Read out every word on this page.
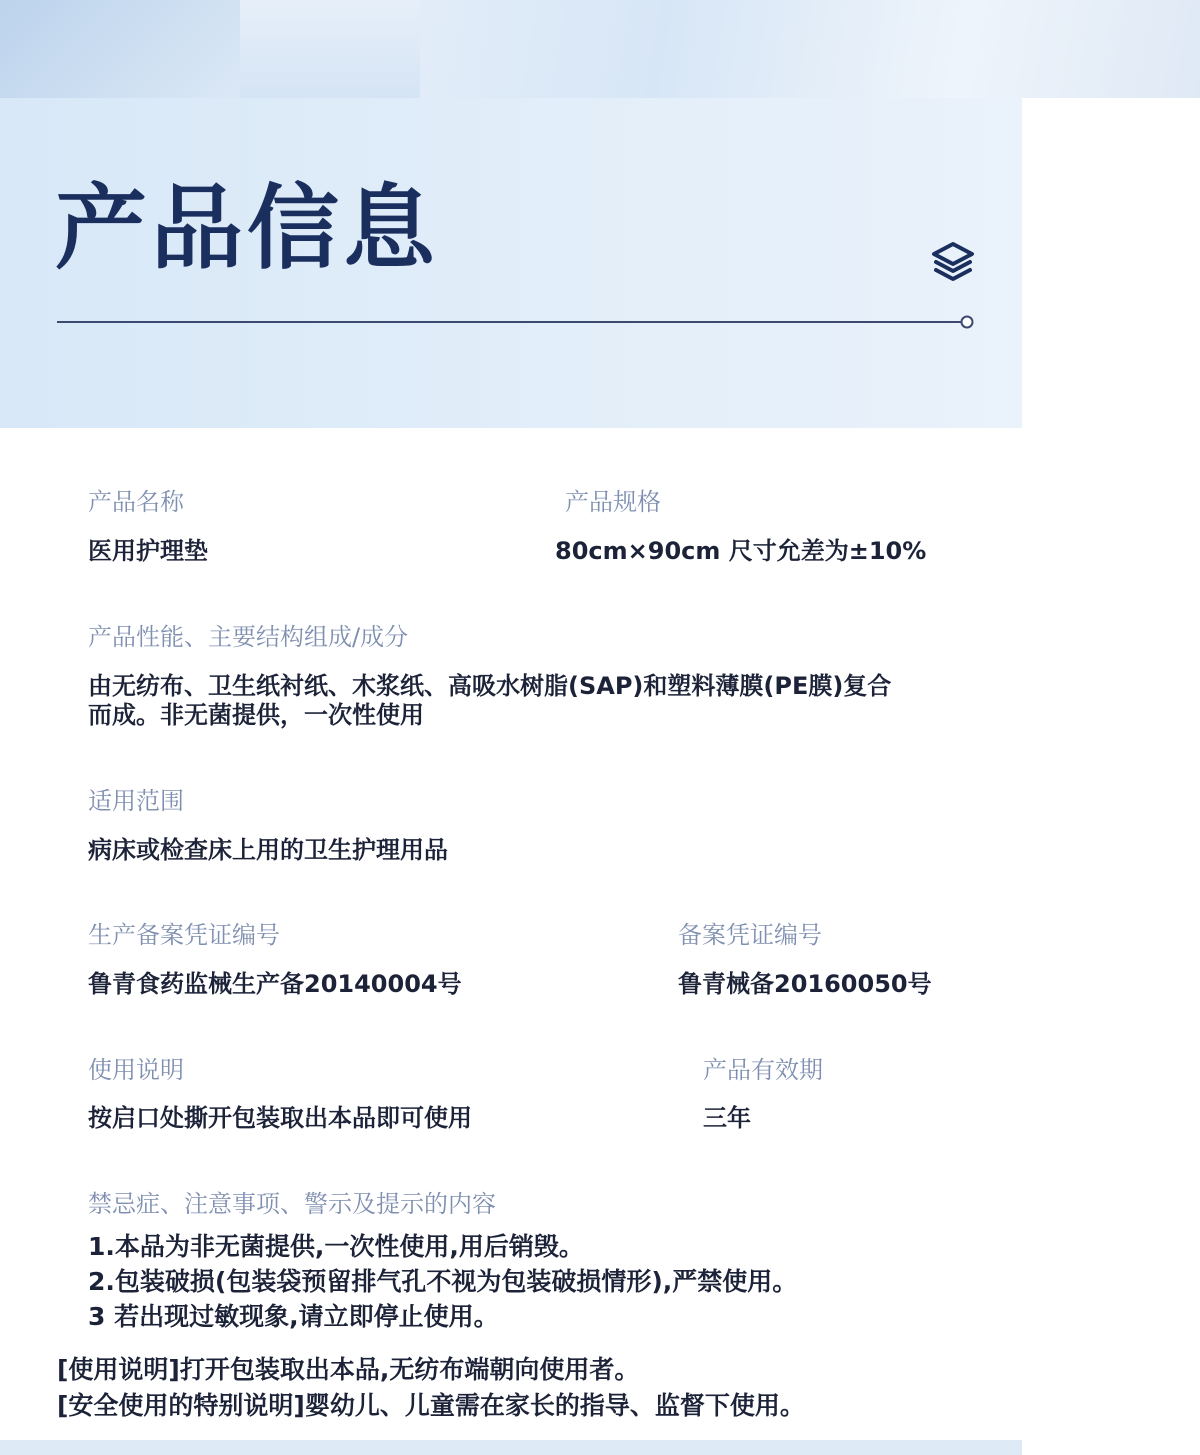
产品信息
产品名称
医用护理垫
产品规格
80cm×90cm 尺寸允差为±10%
产品性能、主要结构组成/成分
由无纺布、卫生纸衬纸、木浆纸、高吸水树脂(SAP)和塑料薄膜(PE膜)复合
而成。非无菌提供，一次性使用
适用范围
病床或检查床上用的卫生护理用品
生产备案凭证编号
鲁青食药监械生产备20140004号
备案凭证编号
鲁青械备20160050号
使用说明
按启口处撕开包装取出本品即可使用
产品有效期
三年
禁忌症、注意事项、警示及提示的内容
1.本品为非无菌提供,一次性使用,用后销毁。
2.包装破损(包装袋预留排气孔不视为包装破损情形),严禁使用。
3 若出现过敏现象,请立即停止使用。
[使用说明]打开包装取出本品,无纺布端朝向使用者。
[安全使用的特别说明]婴幼儿、儿童需在家长的指导、监督下使用。
